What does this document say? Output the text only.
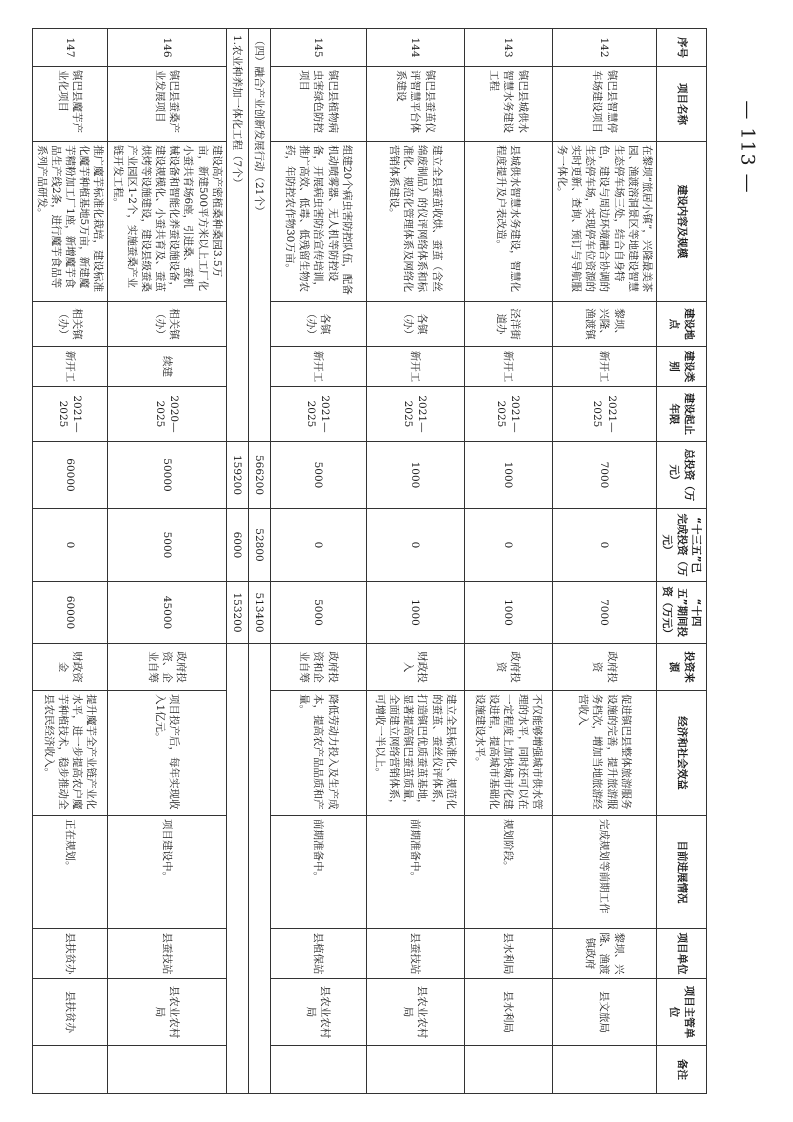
— 113 —
序号	项目名称	建设内容及规模	建设地点	建设类别	建设起止年限	总投资（万元）	“十三五”已完成投资（万元）	“十四五”期间投资（万元）	投资来源	经济和社会效益	目前进展情况	项目单位	项目主管单位	备注
142	镇巴县智慧停车场建设项目	在黎坝“旅居小镇”，兴隆最美茶园、渔渡溶洞景区等地建设智慧生态停车场三处，结合自身特色，建设与周边环境融合协调的生态停车场，实现停车位资源的实时更新、查询、预订与导航服务一体化。	黎坝、兴隆、渔渡镇	新开工	2021—2025	7000	0	7000	政府投资	促进镇巴县整体旅游服务设施的完善，提升旅游服务档次，增加当地旅游经营收入	完成规划等前期工作	黎坝、兴隆、渔渡镇政府	县文旅局	
143	镇巴县城供水智慧水务建设工程	县城供水智慧水务建设，智慧化程度提升及户表改造。	泾洋街道办	新开工	2021—2025	1000	0	1000	政府投资	不仅能够增强城市供水管理的水平，同时还可以在一定程度上加快城市化建设进程，提高城市基础化设施建设水平。	规划阶段。	县水利局	县水利局	
144	镇巴县蚕茧仪评智慧平台体系建设	建立全县蚕茧收烘、蚕茧（含丝绵废制品）的仪评网络体系和标准化、规范化管理体系及网络化营销体系建设。	各镇（办）	新开工	2021—2025	1000	0	1000	财政投入	建立全县标准化、规范化的蚕茧、蚕丝仪评体系，打造镇巴优质蚕茧基地，显著提高镇巴蚕茧质量，全面建立网络营销体系，可增收一半以上。	前期准备中。	县蚕技站	县农业农村局	
145	镇巴县植物病虫害绿色防控项目	组建20个病虫害防控队伍，配备机动喷雾器、无人机等防控设备，开展病虫害防治宣传培训，推广高效、低毒、低残留生物农药，年防控农作物30万亩。	各镇（办）	新开工	2021—2025	5000	0	5000	政府投资和企业自筹	降低劳动力投入及生产成本，提高农产品品质和产量。	前期准备中。	县植保站	县农业农村局	
（四）融合产业创新发展行动（21个）						566200	52800	513400						
1.农业种养加一体化工程（7个）						159200	6000	153200						
146	镇巴县蚕桑产业发展项目	建设高产密植桑种桑园3.5万亩，新建500平方米以上工厂化小蚕共育场6座，引进桑、蚕机械设备和智能化养蚕设施设备，建设规模化、小蚕共育及、蚕茧烘烤等设施建设，建设县级蚕桑产业园区1-2个，实施蚕桑产业链开发工程。	相关镇（办）	续建	2020—2025	50000	5000	45000	政府投资、企业自筹	项目投产后，每年实现收入1亿元。	项目建设中。	县蚕技站	县农业农村局	
147	镇巴县魔芋产业化项目	推广魔芋标准化栽培，建设标准化魔芋种植基地5万亩，新建魔芋精粉加工厂1座，新增魔芋食品生产线2条，进行魔芋食品等系列产品研发。	相关镇（办）	新开工	2021—2025	60000	0	60000	财政资金	提升魔芋全产业链产业化水平，进一步提高农户魔芋种植技术，稳步推动全县农民经济收入。	正在规划。	县扶贫办	县扶贫办	
